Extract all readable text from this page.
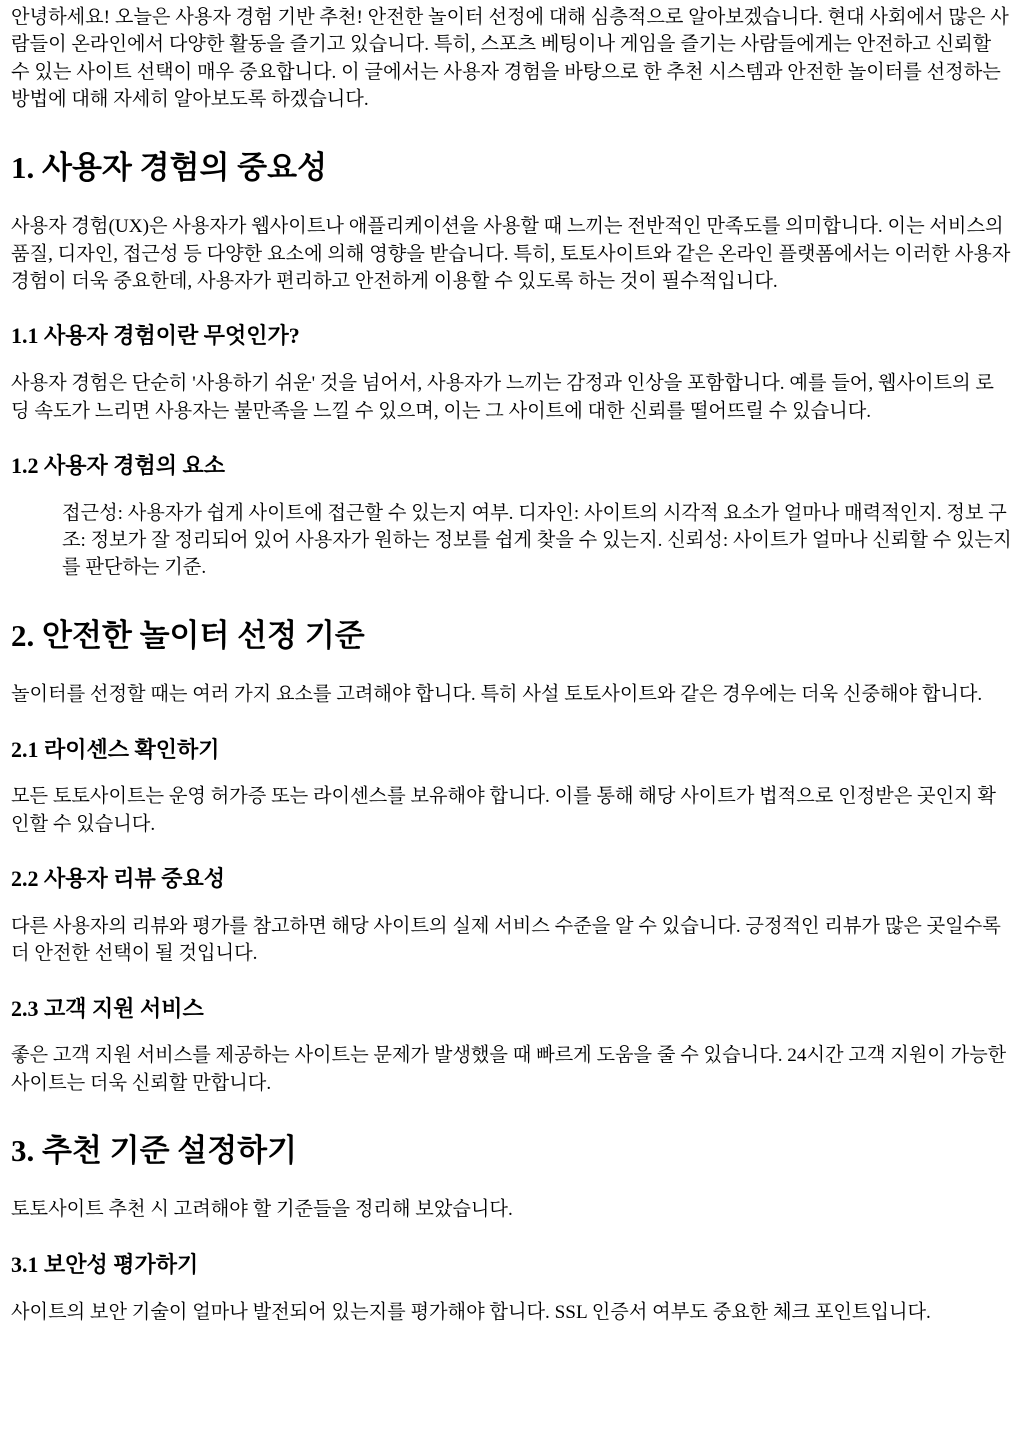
안녕하세요! 오늘은 사용자 경험 기반 추천! 안전한 놀이터 선정에 대해 심층적으로 알아보겠습니다. 현대 사회에서 많은 사람들이 온라인에서 다양한 활동을 즐기고 있습니다. 특히, 스포츠 베팅이나 게임을 즐기는 사람들에게는 안전하고 신뢰할 수 있는 사이트 선택이 매우 중요합니다. 이 글에서는 사용자 경험을 바탕으로 한 추천 시스템과 안전한 놀이터를 선정하는 방법에 대해 자세히 알아보도록 하겠습니다.

1. 사용자 경험의 중요성

사용자 경험(UX)은 사용자가 웹사이트나 애플리케이션을 사용할 때 느끼는 전반적인 만족도를 의미합니다. 이는 서비스의 품질, 디자인, 접근성 등 다양한 요소에 의해 영향을 받습니다. 특히, 토토사이트와 같은 온라인 플랫폼에서는 이러한 사용자 경험이 더욱 중요한데, 사용자가 편리하고 안전하게 이용할 수 있도록 하는 것이 필수적입니다.

1.1 사용자 경험이란 무엇인가?

사용자 경험은 단순히 '사용하기 쉬운' 것을 넘어서, 사용자가 느끼는 감정과 인상을 포함합니다. 예를 들어, 웹사이트의 로딩 속도가 느리면 사용자는 불만족을 느낄 수 있으며, 이는 그 사이트에 대한 신뢰를 떨어뜨릴 수 있습니다.

1.2 사용자 경험의 요소

접근성: 사용자가 쉽게 사이트에 접근할 수 있는지 여부. 디자인: 사이트의 시각적 요소가 얼마나 매력적인지. 정보 구조: 정보가 잘 정리되어 있어 사용자가 원하는 정보를 쉽게 찾을 수 있는지. 신뢰성: 사이트가 얼마나 신뢰할 수 있는지를 판단하는 기준.

2. 안전한 놀이터 선정 기준

놀이터를 선정할 때는 여러 가지 요소를 고려해야 합니다. 특히 사설 토토사이트와 같은 경우에는 더욱 신중해야 합니다.

2.1 라이센스 확인하기

모든 토토사이트는 운영 허가증 또는 라이센스를 보유해야 합니다. 이를 통해 해당 사이트가 법적으로 인정받은 곳인지 확인할 수 있습니다.

2.2 사용자 리뷰 중요성

다른 사용자의 리뷰와 평가를 참고하면 해당 사이트의 실제 서비스 수준을 알 수 있습니다. 긍정적인 리뷰가 많은 곳일수록 더 안전한 선택이 될 것입니다.

2.3 고객 지원 서비스

좋은 고객 지원 서비스를 제공하는 사이트는 문제가 발생했을 때 빠르게 도움을 줄 수 있습니다. 24시간 고객 지원이 가능한 사이트는 더욱 신뢰할 만합니다.

3. 추천 기준 설정하기

토토사이트 추천 시 고려해야 할 기준들을 정리해 보았습니다.

3.1 보안성 평가하기

사이트의 보안 기술이 얼마나 발전되어 있는지를 평가해야 합니다. SSL 인증서 여부도 중요한 체크 포인트입니다.
